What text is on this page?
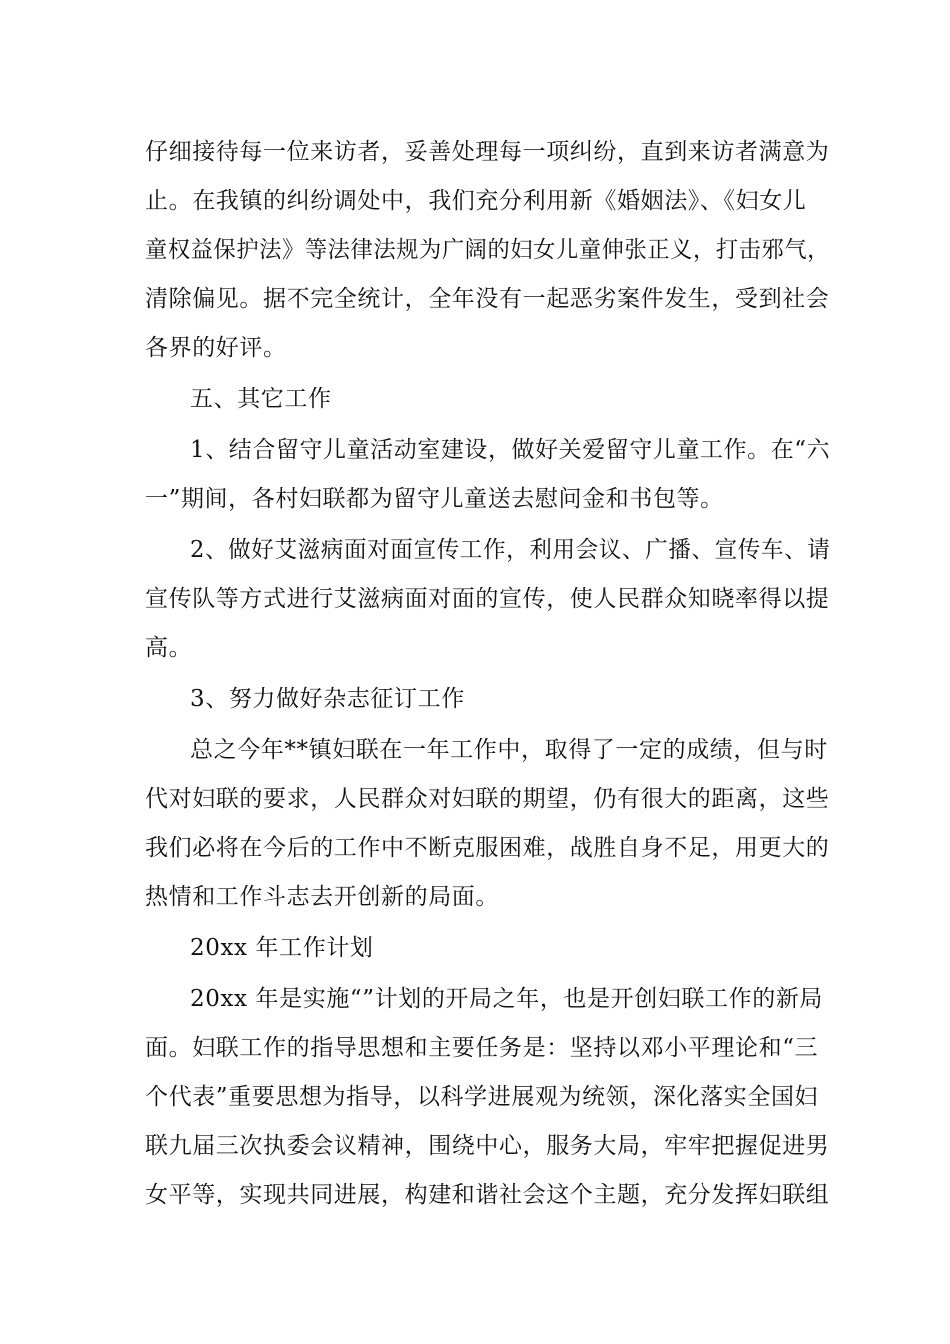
仔细接待每一位来访者，妥善处理每一项纠纷，直到来访者满意为
止。在我镇的纠纷调处中，我们充分利用新《婚姻法》、《妇女儿
童权益保护法》等法律法规为广阔的妇女儿童伸张正义，打击邪气，
清除偏见。据不完全统计，全年没有一起恶劣案件发生，受到社会
各界的好评。
五、其它工作
1、结合留守儿童活动室建设，做好关爱留守儿童工作。在“六
一”期间，各村妇联都为留守儿童送去慰问金和书包等。
2、做好艾滋病面对面宣传工作，利用会议、广播、宣传车、请
宣传队等方式进行艾滋病面对面的宣传，使人民群众知晓率得以提
高。
3、努力做好杂志征订工作
总之今年**镇妇联在一年工作中，取得了一定的成绩，但与时
代对妇联的要求，人民群众对妇联的期望，仍有很大的距离，这些
我们必将在今后的工作中不断克服困难，战胜自身不足，用更大的
热情和工作斗志去开创新的局面。
20xx 年工作计划
20xx 年是实施“”计划的开局之年，也是开创妇联工作的新局
面。妇联工作的指导思想和主要任务是：坚持以邓小平理论和“三
个代表”重要思想为指导，以科学进展观为统领，深化落实全国妇
联九届三次执委会议精神，围绕中心，服务大局，牢牢把握促进男
女平等，实现共同进展，构建和谐社会这个主题，充分发挥妇联组
